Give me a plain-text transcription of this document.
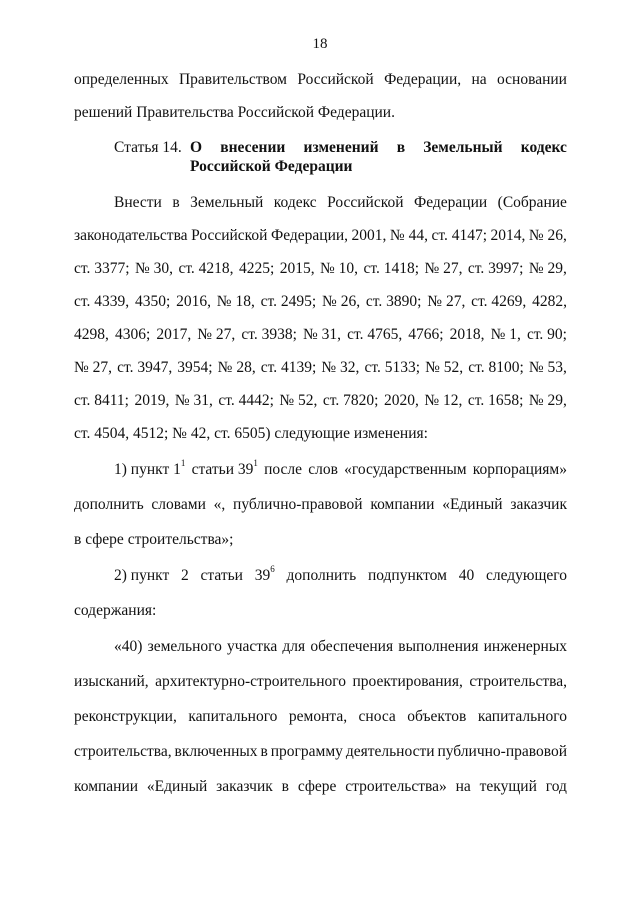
18
определенных Правительством Российской Федерации, на основании
решений Правительства Российской Федерации.
Статья 14. О внесении изменений в Земельный кодекс
Российской Федерации
Внести в Земельный кодекс Российской Федерации (Собрание
законодательства Российской Федерации, 2001, № 44, ст. 4147; 2014, № 26,
ст. 3377; № 30, ст. 4218, 4225; 2015, № 10, ст. 1418; № 27, ст. 3997; № 29,
ст. 4339, 4350; 2016, № 18, ст. 2495; № 26, ст. 3890; № 27, ст. 4269, 4282,
4298, 4306; 2017, № 27, ст. 3938; № 31, ст. 4765, 4766; 2018, № 1, ст. 90;
№ 27, ст. 3947, 3954; № 28, ст. 4139; № 32, ст. 5133; № 52, ст. 8100; № 53,
ст. 8411; 2019, № 31, ст. 4442; № 52, ст. 7820; 2020, № 12, ст. 1658; № 29,
ст. 4504, 4512; № 42, ст. 6505) следующие изменения:
1) пункт $1^1$ статьи $39^1$ после слов «государственным корпорациям»
дополнить словами «, публично-правовой компании «Единый заказчик
в сфере строительства»;
2) пункт 2 статьи $39^6$ дополнить подпунктом 40 следующего
содержания:
«40) земельного участка для обеспечения выполнения инженерных
изысканий, архитектурно-строительного проектирования, строительства,
реконструкции, капитального ремонта, сноса объектов капитального
строительства, включенных в программу деятельности публично-правовой
компании «Единый заказчик в сфере строительства» на текущий год
